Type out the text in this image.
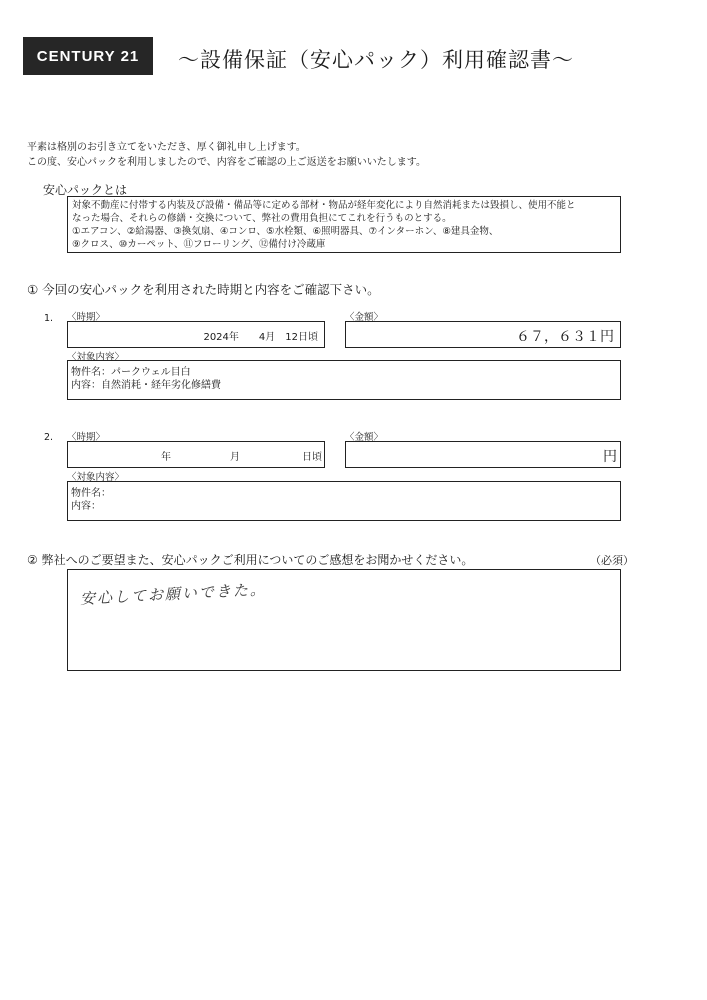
CENTURY 21	～設備保証（安心パック）利用確認書～
平素は格別のお引き立てをいただき、厚く御礼申し上げます。
この度、安心パックを利用しましたので、内容をご確認の上ご返送をお願いいたします。
安心パックとは
対象不動産に付帯する内装及び設備・備品等に定める部材・物品が経年変化により自然消耗または毀損し、使用不能と
なった場合、それらの修繕・交換について、弊社の費用負担にてこれを行うものとする。
①エアコン、②給湯器、③換気扇、④コンロ、⑤水栓類、⑥照明器具、⑦インターホン、⑧建具金物、
⑨クロス、⑩カーペット、⑪フローリング、⑫備付け冷蔵庫
① 今回の安心パックを利用された時期と内容をご確認下さい。
1. 〈時期〉
2024年　　4月　12日頃
〈金額〉
６７，６３１円
〈対象内容〉
物件名：パークウェル目白
内容：自然消耗・経年劣化修繕費
2. 〈時期〉
年	月	日頃
〈金額〉
円
〈対象内容〉
物件名：
内容：
② 弊社へのご要望また、安心パックご利用についてのご感想をお聞かせください。	（必須）
安心してお願いできた。
